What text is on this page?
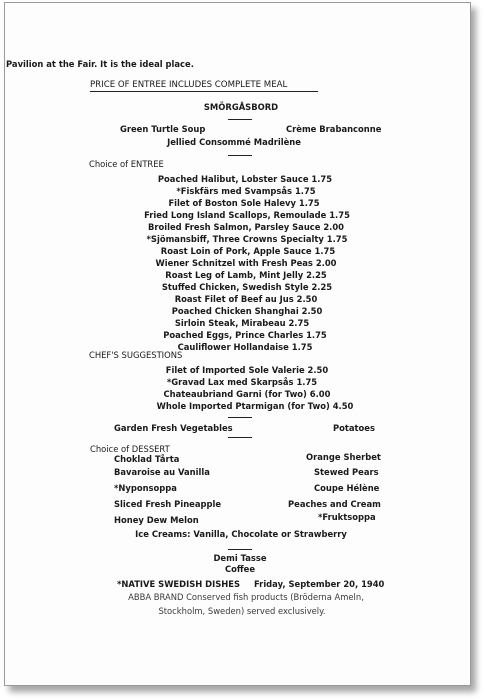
Pavilion at the Fair. It is the ideal place.
PRICE OF ENTREE INCLUDES COMPLETE MEAL
SMÖRGÅSBORD
Green Turtle Soup	Crème Brabanconne
Jellied Consommé Madrilène
Choice of ENTREE
Poached Halibut, Lobster Sauce 1.75
*Fiskfärs med Svampsås 1.75
Filet of Boston Sole Halevy 1.75
Fried Long Island Scallops, Remoulade 1.75
Broiled Fresh Salmon, Parsley Sauce 2.00
*Sjömansbiff, Three Crowns Specialty 1.75
Roast Loin of Pork, Apple Sauce 1.75
Wiener Schnitzel with Fresh Peas 2.00
Roast Leg of Lamb, Mint Jelly 2.25
Stuffed Chicken, Swedish Style 2.25
Roast Filet of Beef au Jus 2.50
Poached Chicken Shanghai 2.50
Sirloin Steak, Mirabeau 2.75
Poached Eggs, Prince Charles 1.75
Cauliflower Hollandaise 1.75
CHEF'S SUGGESTIONS
Filet of Imported Sole Valerie 2.50
*Gravad Lax med Skarpsås 1.75
Chateaubriand Garni (for Two) 6.00
Whole Imported Ptarmigan (for Two) 4.50
Garden Fresh Vegetables	Potatoes
Choice of DESSERT
Choklad Tårta
Bavaroise au Vanilla
*Nyponsoppa
Sliced Fresh Pineapple
Honey Dew Melon
Orange Sherbet
Stewed Pears
Coupe Hélène
Peaches and Cream
*Fruktsoppa
Ice Creams: Vanilla, Chocolate or Strawberry
Demi Tasse
Coffee
*NATIVE SWEDISH DISHES Friday, September 20, 1940
ABBA BRAND Conserved fish products (Bröderna Ameln,
Stockholm, Sweden) served exclusively.
